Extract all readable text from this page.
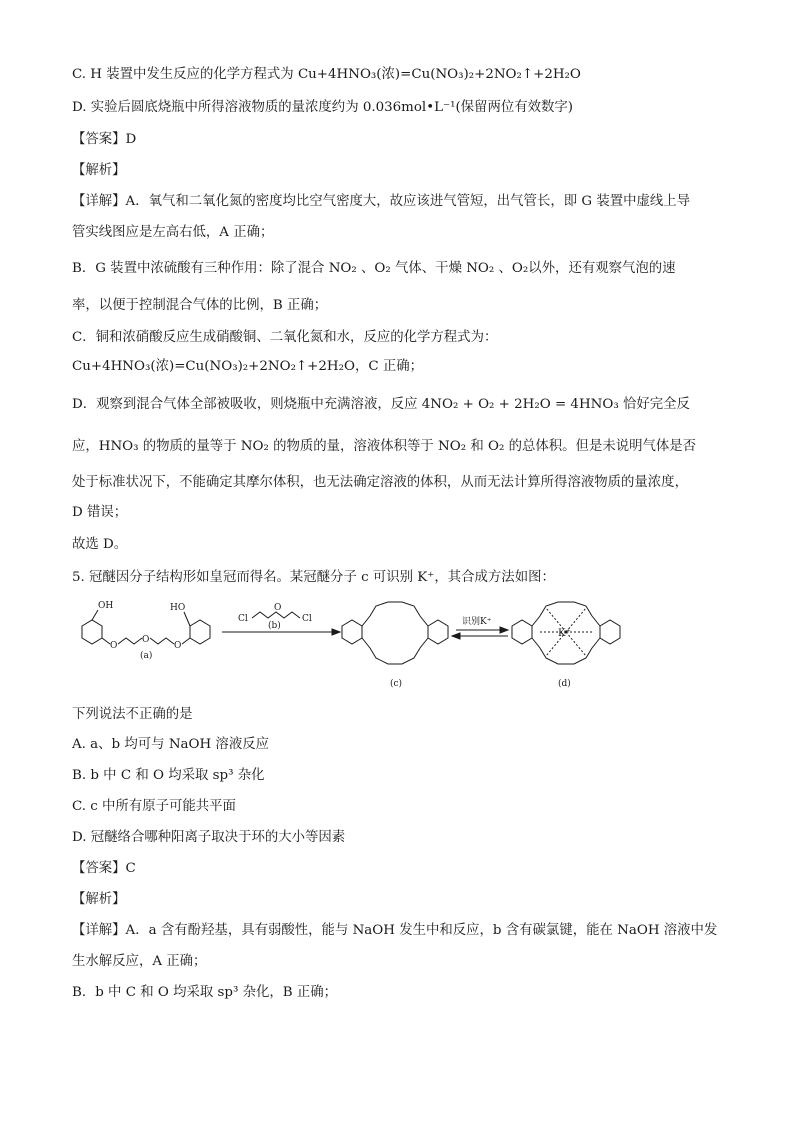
C. H 装置中发生反应的化学方程式为 Cu+4HNO₃(浓)=Cu(NO₃)₂+2NO₂↑+2H₂O
D. 实验后圆底烧瓶中所得溶液物质的量浓度约为 0.036mol•L⁻¹(保留两位有效数字)
【答案】D
【解析】
【详解】A．氧气和二氧化氮的密度均比空气密度大，故应该进气管短，出气管长，即 G 装置中虚线上导
管实线图应是左高右低，A 正确；
B．G 装置中浓硫酸有三种作用：除了混合 NO₂ 、O₂ 气体、干燥 NO₂ 、O₂以外，还有观察气泡的速
率，以便于控制混合气体的比例，B 正确；
C．铜和浓硝酸反应生成硝酸铜、二氧化氮和水，反应的化学方程式为：
Cu+4HNO₃(浓)=Cu(NO₃)₂+2NO₂↑+2H₂O，C 正确；
D．观察到混合气体全部被吸收，则烧瓶中充满溶液，反应 4NO₂ + O₂ + 2H₂O = 4HNO₃ 恰好完全反
应，HNO₃ 的物质的量等于 NO₂ 的物质的量，溶液体积等于 NO₂ 和 O₂ 的总体积。但是未说明气体是否
处于标准状况下，不能确定其摩尔体积，也无法确定溶液的体积，从而无法计算所得溶液物质的量浓度，
D 错误；
故选 D。
5. 冠醚因分子结构形如皇冠而得名。某冠醚分子 c 可识别 K⁺，其合成方法如图：
OH	HO
O
O
O
(a)
Cl
O
Cl
(b)
(c)
识别K⁺
K⁺
(d)
下列说法不正确的是
A. a、b 均可与 NaOH 溶液反应
B. b 中 C 和 O 均采取 sp³ 杂化
C. c 中所有原子可能共平面
D. 冠醚络合哪种阳离子取决于环的大小等因素
【答案】C
【解析】
【详解】A．a 含有酚羟基，具有弱酸性，能与 NaOH 发生中和反应，b 含有碳氯键，能在 NaOH 溶液中发
生水解反应，A 正确；
B．b 中 C 和 O 均采取 sp³ 杂化，B 正确；
